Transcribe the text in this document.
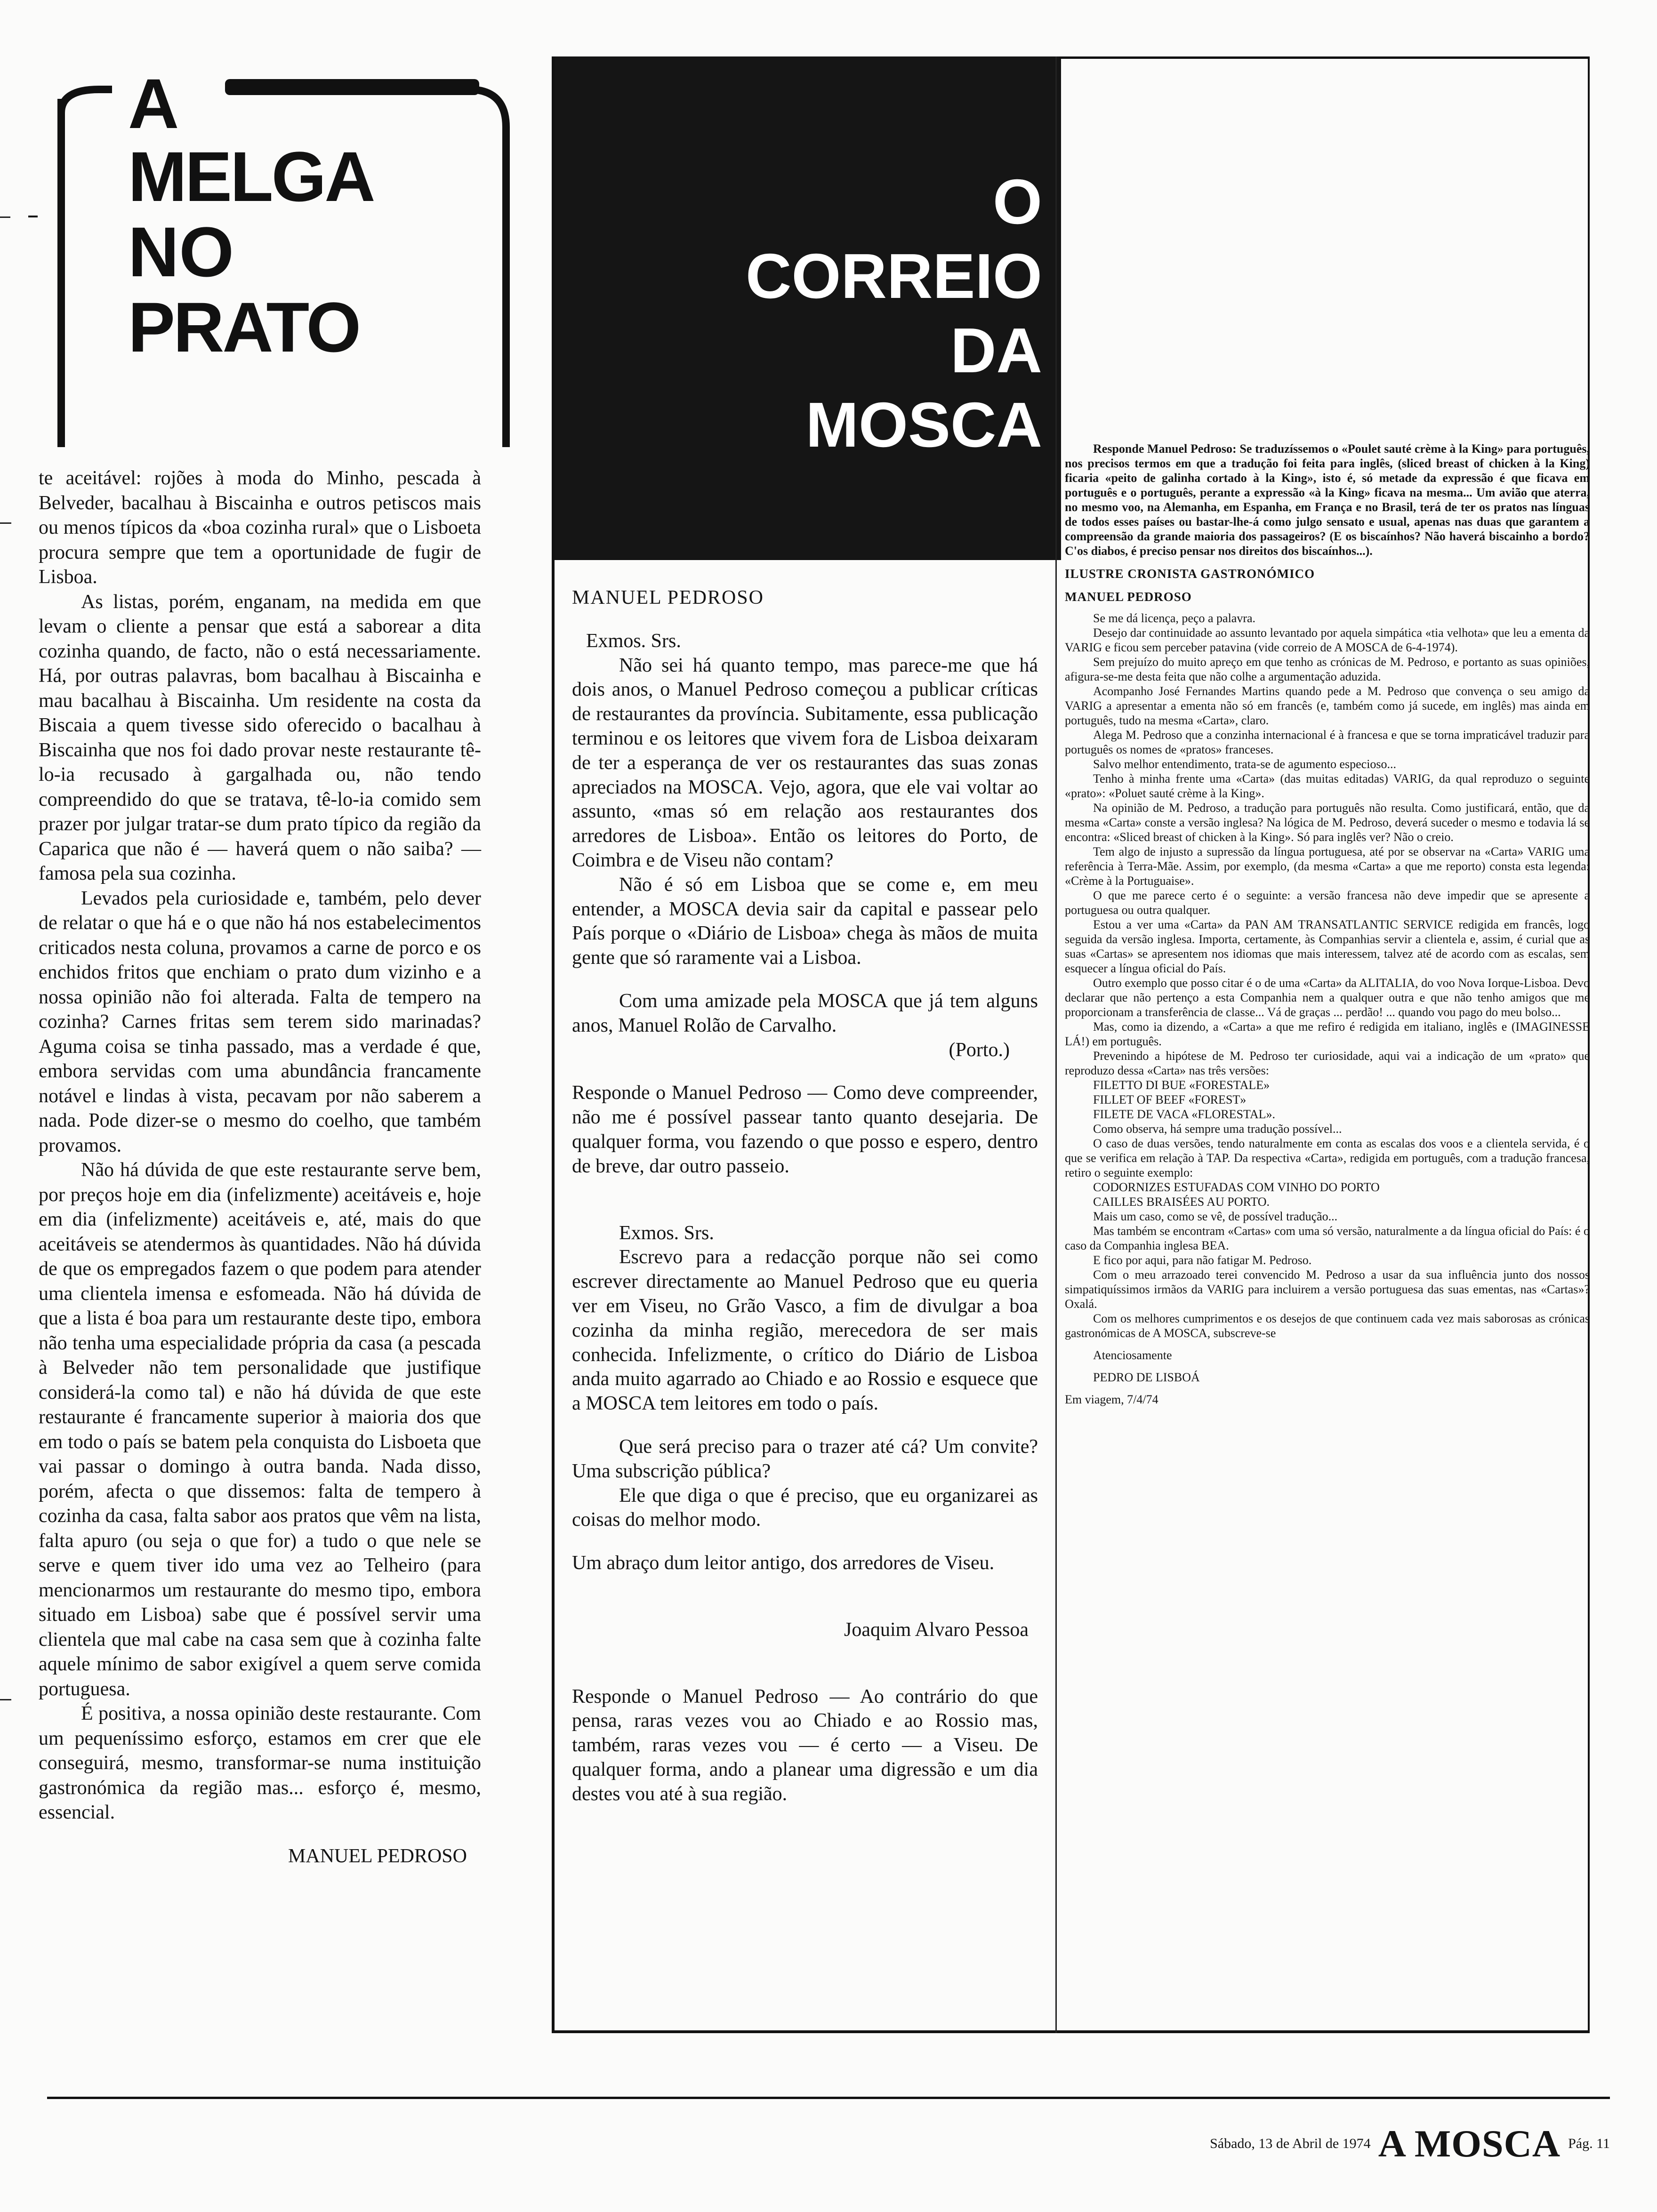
A
MELGA
NO
PRATO
O
CORREIO
DA
MOSCA

te aceitável: rojões à moda do Minho, pescada à Belveder, bacalhau à Biscainha e outros petiscos mais ou menos típicos da «boa cozinha rural» que o Lisboeta procura sempre que tem a oportunidade de fugir de Lisboa.

As listas, porém, enganam, na medida em que levam o cliente a pensar que está a saborear a dita cozinha quando, de facto, não o está necessariamente. Há, por outras palavras, bom bacalhau à Biscainha e mau bacalhau à Biscainha. Um residente na costa da Biscaia a quem tivesse sido oferecido o bacalhau à Biscainha que nos foi dado provar neste restaurante tê-lo-ia recusado à gargalhada ou, não tendo compreendido do que se tratava, tê-lo-ia comido sem prazer por julgar tratar-se dum prato típico da região da Caparica que não é — haverá quem o não saiba? — famosa pela sua cozinha.

Levados pela curiosidade e, também, pelo dever de relatar o que há e o que não há nos estabelecimentos criticados nesta coluna, provamos a carne de porco e os enchidos fritos que enchiam o prato dum vizinho e a nossa opinião não foi alterada. Falta de tempero na cozinha? Carnes fritas sem terem sido marinadas? Aguma coisa se tinha passado, mas a verdade é que, embora servidas com uma abundância francamente notável e lindas à vista, pecavam por não saberem a nada. Pode dizer-se o mesmo do coelho, que também provamos.

Não há dúvida de que este restaurante serve bem, por preços hoje em dia (infelizmente) aceitáveis e, hoje em dia (infelizmente) aceitáveis e, até, mais do que aceitáveis se atendermos às quantidades. Não há dúvida de que os empregados fazem o que podem para atender uma clientela imensa e esfomeada. Não há dúvida de que a lista é boa para um restaurante deste tipo, embora não tenha uma especialidade própria da casa (a pescada à Belveder não tem personalidade que justifique considerá-la como tal) e não há dúvida de que este restaurante é francamente superior à maioria dos que em todo o país se batem pela conquista do Lisboeta que vai passar o domingo à outra banda. Nada disso, porém, afecta o que dissemos: falta de tempero à cozinha da casa, falta sabor aos pratos que vêm na lista, falta apuro (ou seja o que for) a tudo o que nele se serve e quem tiver ido uma vez ao Telheiro (para mencionarmos um restaurante do mesmo tipo, embora situado em Lisboa) sabe que é possível servir uma clientela que mal cabe na casa sem que à cozinha falte aquele mínimo de sabor exigível a quem serve comida portuguesa.

É positiva, a nossa opinião deste restaurante. Com um pequeníssimo esforço, estamos em crer que ele conseguirá, mesmo, transformar-se numa instituição gastronómica da região mas... esforço é, mesmo, essencial.

MANUEL PEDROSO

MANUEL PEDROSO

Exmos. Srs.

Não sei há quanto tempo, mas parece-me que há dois anos, o Manuel Pedroso começou a publicar críticas de restaurantes da província. Subitamente, essa publicação terminou e os leitores que vivem fora de Lisboa deixaram de ter a esperança de ver os restaurantes das suas zonas apreciados na MOSCA. Vejo, agora, que ele vai voltar ao assunto, «mas só em relação aos restaurantes dos arredores de Lisboa». Então os leitores do Porto, de Coimbra e de Viseu não contam?

Não é só em Lisboa que se come e, em meu entender, a MOSCA devia sair da capital e passear pelo País porque o «Diário de Lisboa» chega às mãos de muita gente que só raramente vai a Lisboa.

Com uma amizade pela MOSCA que já tem alguns anos, Manuel Rolão de Carvalho.

(Porto.)

Responde o Manuel Pedroso — Como deve compreender, não me é possível passear tanto quanto desejaria. De qualquer forma, vou fazendo o que posso e espero, dentro de breve, dar outro passeio.

Exmos. Srs.

Escrevo para a redacção porque não sei como escrever directamente ao Manuel Pedroso que eu queria ver em Viseu, no Grão Vasco, a fim de divulgar a boa cozinha da minha região, merecedora de ser mais conhecida. Infelizmente, o crítico do Diário de Lisboa anda muito agarrado ao Chiado e ao Rossio e esquece que a MOSCA tem leitores em todo o país.

Que será preciso para o trazer até cá? Um convite? Uma subscrição pública?

Ele que diga o que é preciso, que eu organizarei as coisas do melhor modo.

Um abraço dum leitor antigo, dos arredores de Viseu.

Joaquim Alvaro Pessoa

Responde o Manuel Pedroso — Ao contrário do que pensa, raras vezes vou ao Chiado e ao Rossio mas, também, raras vezes vou — é certo — a Viseu. De qualquer forma, ando a planear uma digressão e um dia destes vou até à sua região.

Responde Manuel Pedroso: Se traduzíssemos o «Poulet sauté crème à la King» para português, nos precisos termos em que a tradução foi feita para inglês, (sliced breast of chicken à la King) ficaria «peito de galinha cortado à la King», isto é, só metade da expressão é que ficava em português e o português, perante a expressão «à la King» ficava na mesma... Um avião que aterra, no mesmo voo, na Alemanha, em Espanha, em França e no Brasil, terá de ter os pratos nas línguas de todos esses países ou bastar-lhe-á como julgo sensato e usual, apenas nas duas que garantem a compreensão da grande maioria dos passageiros? (E os biscaínhos? Não haverá biscainho a bordo? C'os diabos, é preciso pensar nos direitos dos biscaínhos...).

ILUSTRE CRONISTA GASTRONÓMICO

MANUEL PEDROSO

Se me dá licença, peço a palavra.

Desejo dar continuidade ao assunto levantado por aquela simpática «tia velhota» que leu a ementa da VARIG e ficou sem perceber patavina (vide correio de A MOSCA de 6-4-1974).

Sem prejuízo do muito apreço em que tenho as crónicas de M. Pedroso, e portanto as suas opiniões, afigura-se-me desta feita que não colhe a argumentação aduzida.

Acompanho José Fernandes Martins quando pede a M. Pedroso que convença o seu amigo da VARIG a apresentar a ementa não só em francês (e, também como já sucede, em inglês) mas ainda em português, tudo na mesma «Carta», claro.

Alega M. Pedroso que a conzinha internacional é à francesa e que se torna impraticável traduzir para português os nomes de «pratos» franceses.

Salvo melhor entendimento, trata-se de agumento especioso...

Tenho à minha frente uma «Carta» (das muitas editadas) VARIG, da qual reproduzo o seguinte «prato»: «Poluet sauté crème à la King».

Na opinião de M. Pedroso, a tradução para português não resulta. Como justificará, então, que da mesma «Carta» conste a versão inglesa? Na lógica de M. Pedroso, deverá suceder o mesmo e todavia lá se encontra: «Sliced breast of chicken à la King». Só para inglês ver? Não o creio.

Tem algo de injusto a supressão da língua portuguesa, até por se observar na «Carta» VARIG uma referência à Terra-Mãe. Assim, por exemplo, (da mesma «Carta» a que me reporto) consta esta legenda: «Crème à la Portuguaise».

O que me parece certo é o seguinte: a versão francesa não deve impedir que se apresente a portuguesa ou outra qualquer.

Estou a ver uma «Carta» da PAN AM TRANSATLANTIC SERVICE redigida em francês, logo seguida da versão inglesa. Importa, certamente, às Companhias servir a clientela e, assim, é curial que as suas «Cartas» se apresentem nos idiomas que mais interessem, talvez até de acordo com as escalas, sem esquecer a língua oficial do País.

Outro exemplo que posso citar é o de uma «Carta» da ALITALIA, do voo Nova Iorque-Lisboa. Devo declarar que não pertenço a esta Companhia nem a qualquer outra e que não tenho amigos que me proporcionam a transferência de classe... Vá de graças ... perdão! ... quando vou pago do meu bolso...

Mas, como ia dizendo, a «Carta» a que me refiro é redigida em italiano, inglês e (IMAGINESSE LÁ!) em português.

Prevenindo a hipótese de M. Pedroso ter curiosidade, aqui vai a indicação de um «prato» que reproduzo dessa «Carta» nas três versões:

FILETTO DI BUE «FORESTALE»

FILLET OF BEEF «FOREST»

FILETE DE VACA «FLORESTAL».

Como observa, há sempre uma tradução possível...

O caso de duas versões, tendo naturalmente em conta as escalas dos voos e a clientela servida, é o que se verifica em relação à TAP. Da respectiva «Carta», redigida em português, com a tradução francesa, retiro o seguinte exemplo:

CODORNIZES ESTUFADAS COM VINHO DO PORTO

CAILLES BRAISÉES AU PORTO.

Mais um caso, como se vê, de possível tradução...

Mas também se encontram «Cartas» com uma só versão, naturalmente a da língua oficial do País: é o caso da Companhia inglesa BEA.

E fico por aqui, para não fatigar M. Pedroso.

Com o meu arrazoado terei convencido M. Pedroso a usar da sua influência junto dos nossos simpatiquíssimos irmãos da VARIG para incluirem a versão portuguesa das suas ementas, nas «Cartas»? Oxalá.

Com os melhores cumprimentos e os desejos de que continuem cada vez mais saborosas as crónicas gastronómicas de A MOSCA, subscreve-se

Atenciosamente

PEDRO DE LISBOÁ

Em viagem, 7/4/74

Sábado, 13 de Abril de 1974 A MOSCA Pág. 11
